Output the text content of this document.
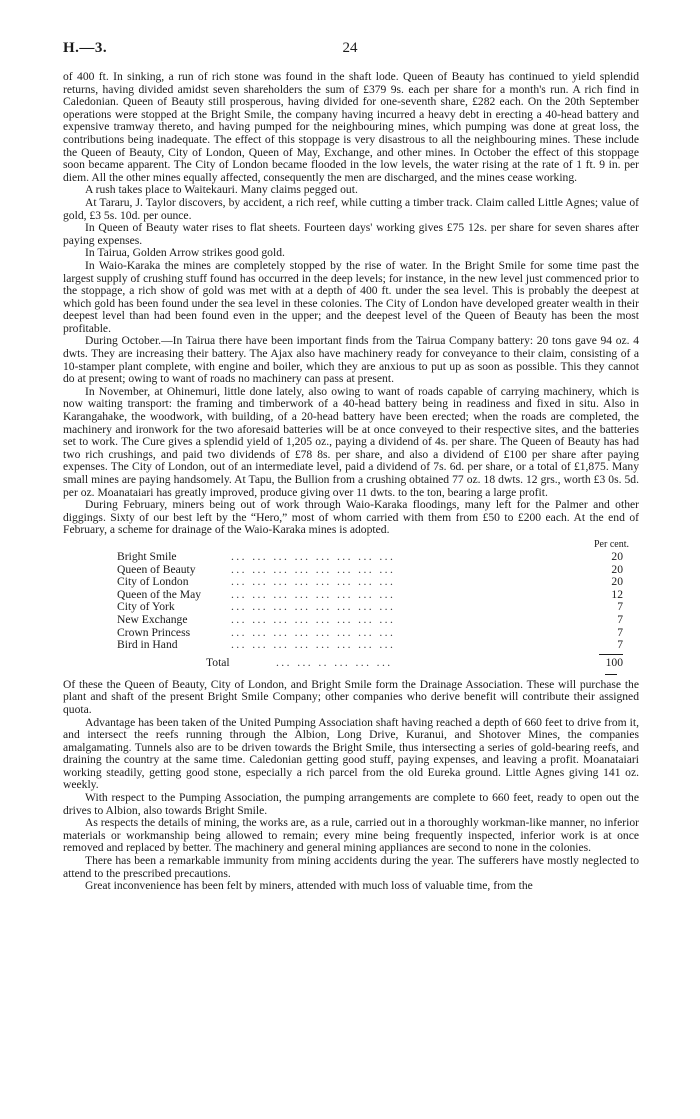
H.—3.	24

of 400 ft. In sinking, a run of rich stone was found in the shaft lode. Queen of Beauty has continued to yield splendid returns, having divided amidst seven shareholders the sum of £379 9s. each per share for a month's run. A rich find in Caledonian. Queen of Beauty still prosperous, having divided for one-seventh share, £282 each. On the 20th September operations were stopped at the Bright Smile, the company having incurred a heavy debt in erecting a 40-head battery and expensive tramway thereto, and having pumped for the neighbouring mines, which pumping was done at great loss, the contributions being inadequate. The effect of this stoppage is very disastrous to all the neighbouring mines. These include the Queen of Beauty, City of London, Queen of May, Exchange, and other mines. In October the effect of this stoppage soon became apparent. The City of London became flooded in the low levels, the water rising at the rate of 1 ft. 9 in. per diem. All the other mines equally affected, consequently the men are discharged, and the mines cease working.

A rush takes place to Waitekauri. Many claims pegged out.

At Tararu, J. Taylor discovers, by accident, a rich reef, while cutting a timber track. Claim called Little Agnes; value of gold, £3 5s. 10d. per ounce.

In Queen of Beauty water rises to flat sheets. Fourteen days' working gives £75 12s. per share for seven shares after paying expenses.

In Tairua, Golden Arrow strikes good gold.

In Waio-Karaka the mines are completely stopped by the rise of water. In the Bright Smile for some time past the largest supply of crushing stuff found has occurred in the deep levels; for instance, in the new level just commenced prior to the stoppage, a rich show of gold was met with at a depth of 400 ft. under the sea level. This is probably the deepest at which gold has been found under the sea level in these colonies. The City of London have developed greater wealth in their deepest level than had been found even in the upper; and the deepest level of the Queen of Beauty has been the most profitable.

During October.—In Tairua there have been important finds from the Tairua Company battery: 20 tons gave 94 oz. 4 dwts. They are increasing their battery. The Ajax also have machinery ready for conveyance to their claim, consisting of a 10-stamper plant complete, with engine and boiler, which they are anxious to put up as soon as possible. This they cannot do at present; owing to want of roads no machinery can pass at present.

In November, at Ohinemuri, little done lately, also owing to want of roads capable of carrying machinery, which is now waiting transport: the framing and timberwork of a 40-head battery being in readiness and fixed in situ. Also in Karangahake, the woodwork, with building, of a 20-head battery have been erected; when the roads are completed, the machinery and ironwork for the two aforesaid batteries will be at once conveyed to their respective sites, and the batteries set to work. The Cure gives a splendid yield of 1,205 oz., paying a dividend of 4s. per share. The Queen of Beauty has had two rich crushings, and paid two dividends of £78 8s. per share, and also a dividend of £100 per share after paying expenses. The City of London, out of an intermediate level, paid a dividend of 7s. 6d. per share, or a total of £1,875. Many small mines are paying handsomely. At Tapu, the Bullion from a crushing obtained 77 oz. 18 dwts. 12 grs., worth £3 0s. 5d. per oz. Moanataiari has greatly improved, produce giving over 11 dwts. to the ton, bearing a large profit.

During February, miners being out of work through Waio-Karaka floodings, many left for the Palmer and other diggings. Sixty of our best left by the “Hero,” most of whom carried with them from £50 to £200 each. At the end of February, a scheme for drainage of the Waio-Karaka mines is adopted.

Per cent.
Bright Smile	... ... ... ... ... ... ... ...	20
Queen of Beauty	... ... ... ... ... ... ... ...	20
City of London	... ... ... ... ... ... ... ...	20
Queen of the May	... ... ... ... ... ... ... ...	12
City of York	... ... ... ... ... ... ... ...	7
New Exchange	... ... ... ... ... ... ... ...	7
Crown Princess	... ... ... ... ... ... ... ...	7
Bird in Hand	... ... ... ... ... ... ... ...	7
Total	... ... .. ... ... ...	100

Of these the Queen of Beauty, City of London, and Bright Smile form the Drainage Association. These will purchase the plant and shaft of the present Bright Smile Company; other companies who derive benefit will contribute their assigned quota.

Advantage has been taken of the United Pumping Association shaft having reached a depth of 660 feet to drive from it, and intersect the reefs running through the Albion, Long Drive, Kuranui, and Shotover Mines, the companies amalgamating. Tunnels also are to be driven towards the Bright Smile, thus intersecting a series of gold-bearing reefs, and draining the country at the same time. Caledonian getting good stuff, paying expenses, and leaving a profit. Moanataiari working steadily, getting good stone, especially a rich parcel from the old Eureka ground. Little Agnes giving 141 oz. weekly.

With respect to the Pumping Association, the pumping arrangements are complete to 660 feet, ready to open out the drives to Albion, also towards Bright Smile.

As respects the details of mining, the works are, as a rule, carried out in a thoroughly workman-like manner, no inferior materials or workmanship being allowed to remain; every mine being frequently inspected, inferior work is at once removed and replaced by better. The machinery and general mining appliances are second to none in the colonies.

There has been a remarkable immunity from mining accidents during the year. The sufferers have mostly neglected to attend to the prescribed precautions.

Great inconvenience has been felt by miners, attended with much loss of valuable time, from the
